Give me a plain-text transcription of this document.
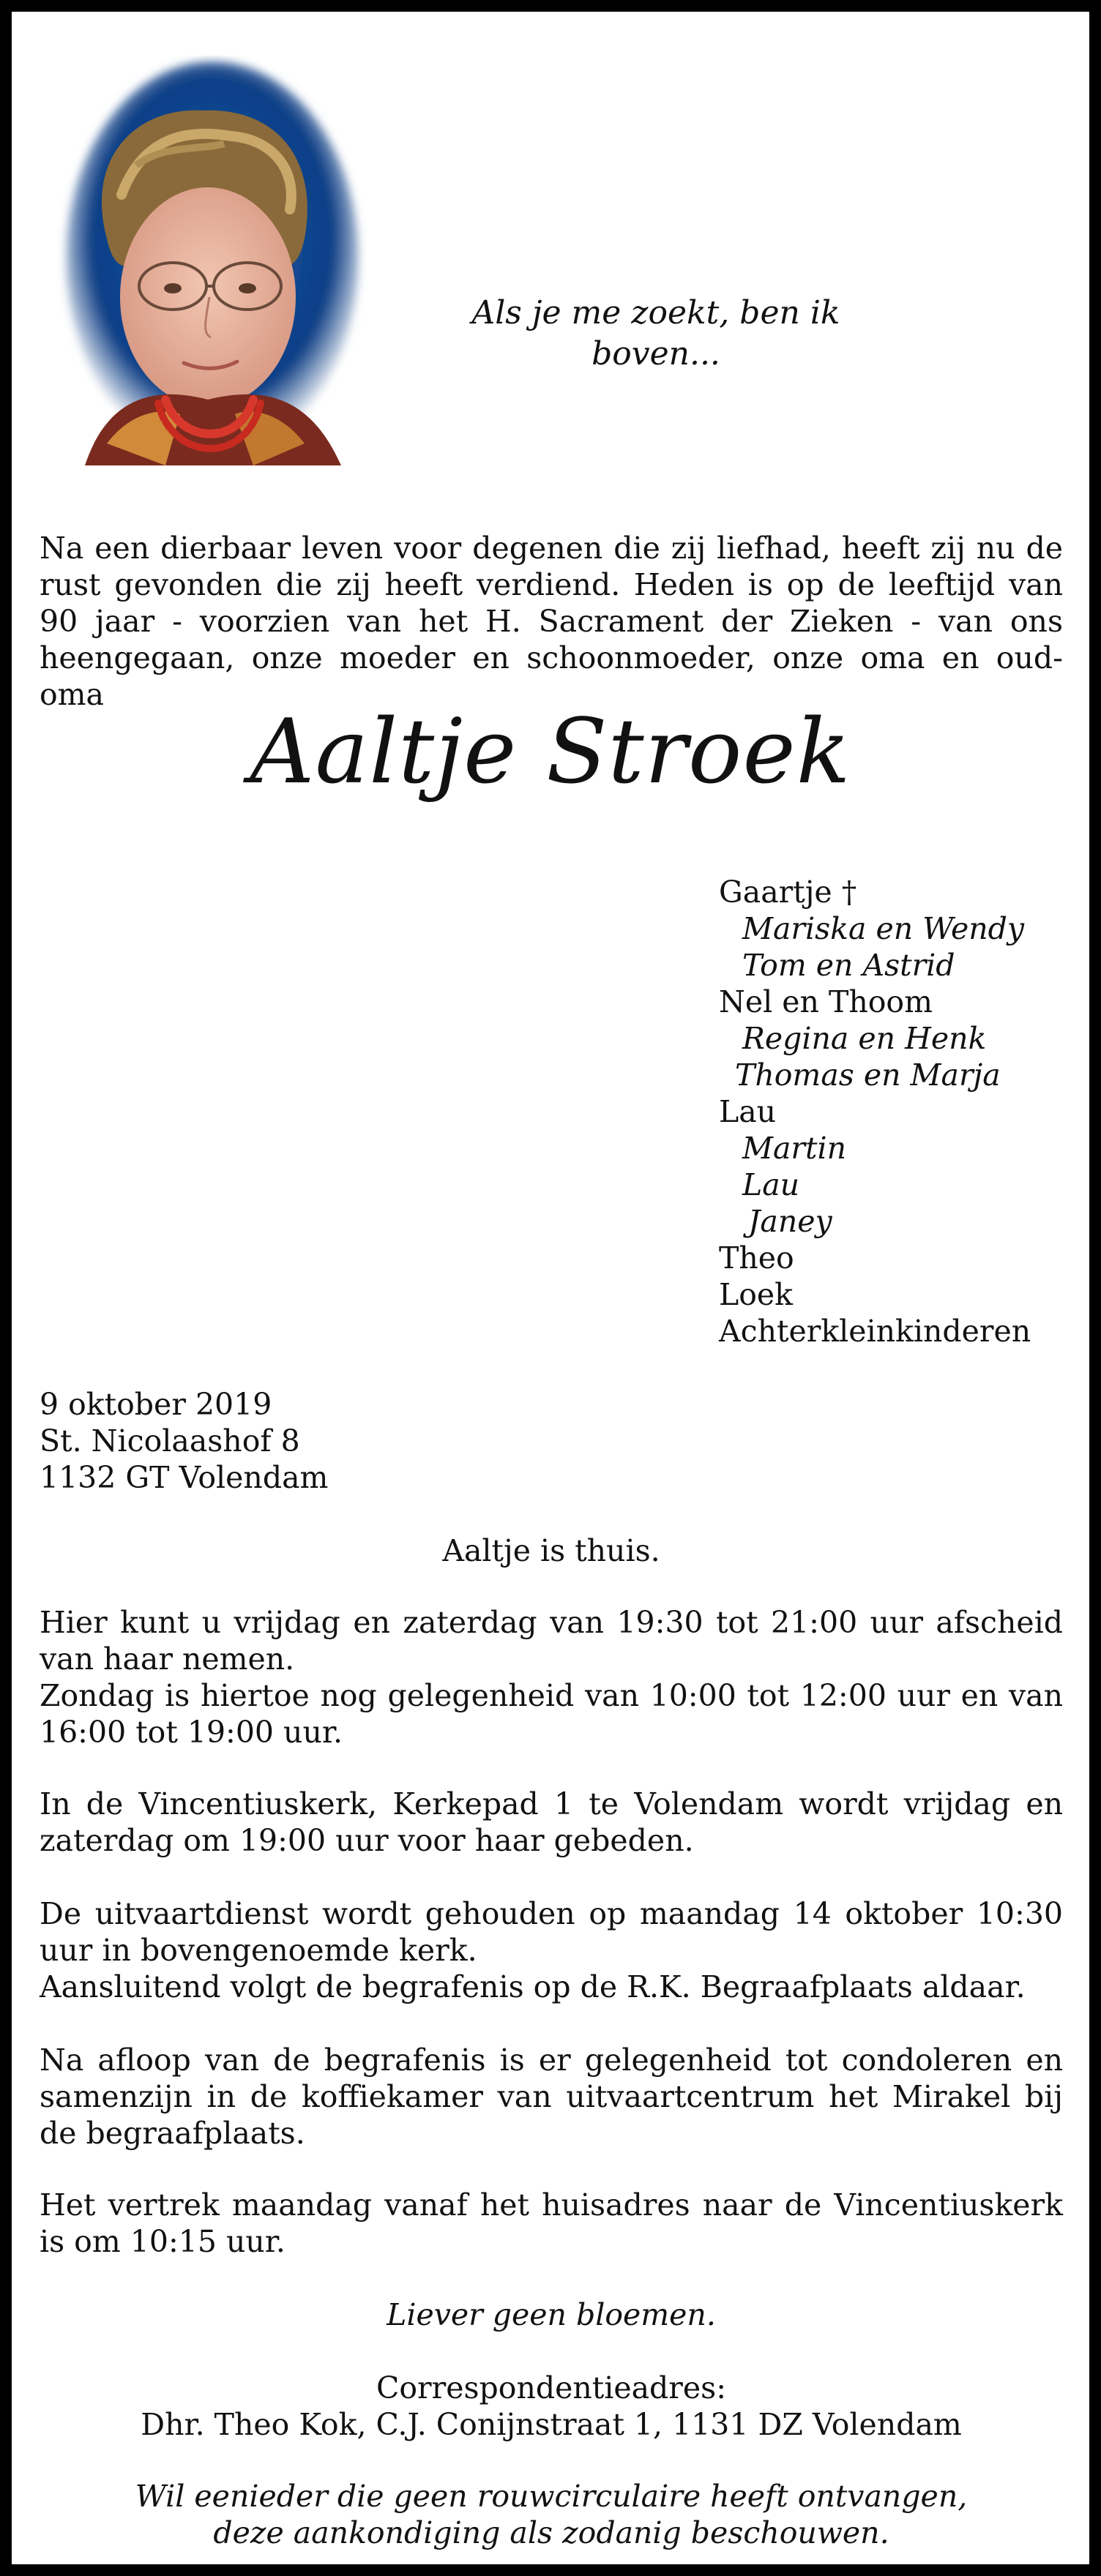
Als je me zoekt, ben ik boven...

Na een dierbaar leven voor degenen die zij liefhad, heeft zij nu de rust gevonden die zij heeft verdiend. Heden is op de leeftijd van 90 jaar - voorzien van het H. Sacrament der Zieken - van ons heengegaan, onze moeder en schoonmoeder, onze oma en oud-oma

Aaltje Stroek
Gaartje †
Mariska en Wendy
Tom en Astrid
Nel en Thoom
Regina en Henk
Thomas en Marja
Lau
Martin
Lau
Janey
Theo
Loek
Achterkleinkinderen
9 oktober 2019
St. Nicolaashof 8
1132 GT Volendam

Aaltje is thuis.

Hier kunt u vrijdag en zaterdag van 19:30 tot 21:00 uur afscheid van haar nemen.

Zondag is hiertoe nog gelegenheid van 10:00 tot 12:00 uur en van 16:00 tot 19:00 uur.

In de Vincentiuskerk, Kerkepad 1 te Volendam wordt vrijdag en zaterdag om 19:00 uur voor haar gebeden.

De uitvaartdienst wordt gehouden op maandag 14 oktober 10:30 uur in bovengenoemde kerk.

Aansluitend volgt de begrafenis op de R.K. Begraafplaats aldaar.

Na afloop van de begrafenis is er gelegenheid tot condoleren en samenzijn in de koffiekamer van uitvaartcentrum het Mirakel bij de begraafplaats.

Het vertrek maandag vanaf het huisadres naar de Vincentiuskerk is om 10:15 uur.

Liever geen bloemen.

Correspondentieadres:

Dhr. Theo Kok, C.J. Conijnstraat 1, 1131 DZ Volendam

Wil eenieder die geen rouwcirculaire heeft ontvangen,

deze aankondiging als zodanig beschouwen.
